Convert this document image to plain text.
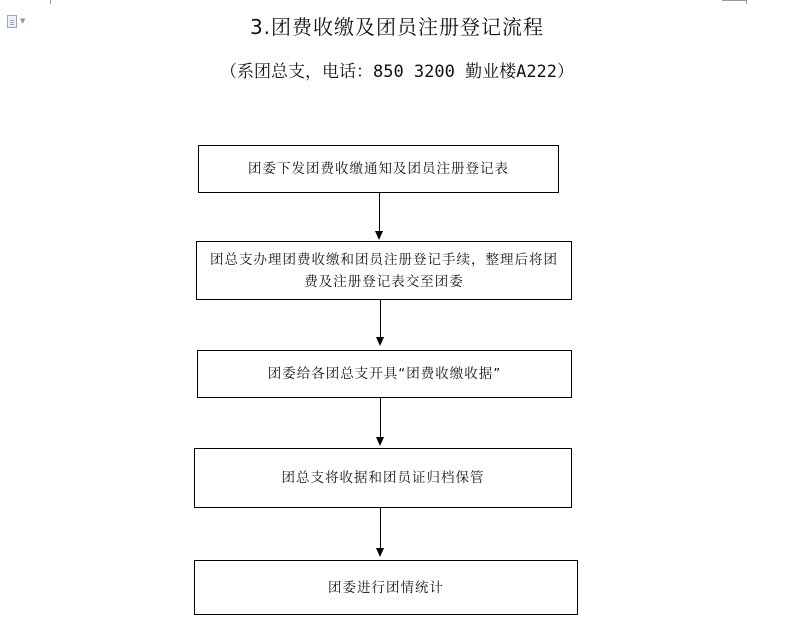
▼	3.团费收缴及团员注册登记流程
（系团总支，电话：850 3200 勤业楼A222）
团委下发团费收缴通知及团员注册登记表
团总支办理团费收缴和团员注册登记手续，整理后将团费及注册登记表交至团委
团委给各团总支开具“团费收缴收据”
团总支将收据和团员证归档保管
团委进行团情统计
